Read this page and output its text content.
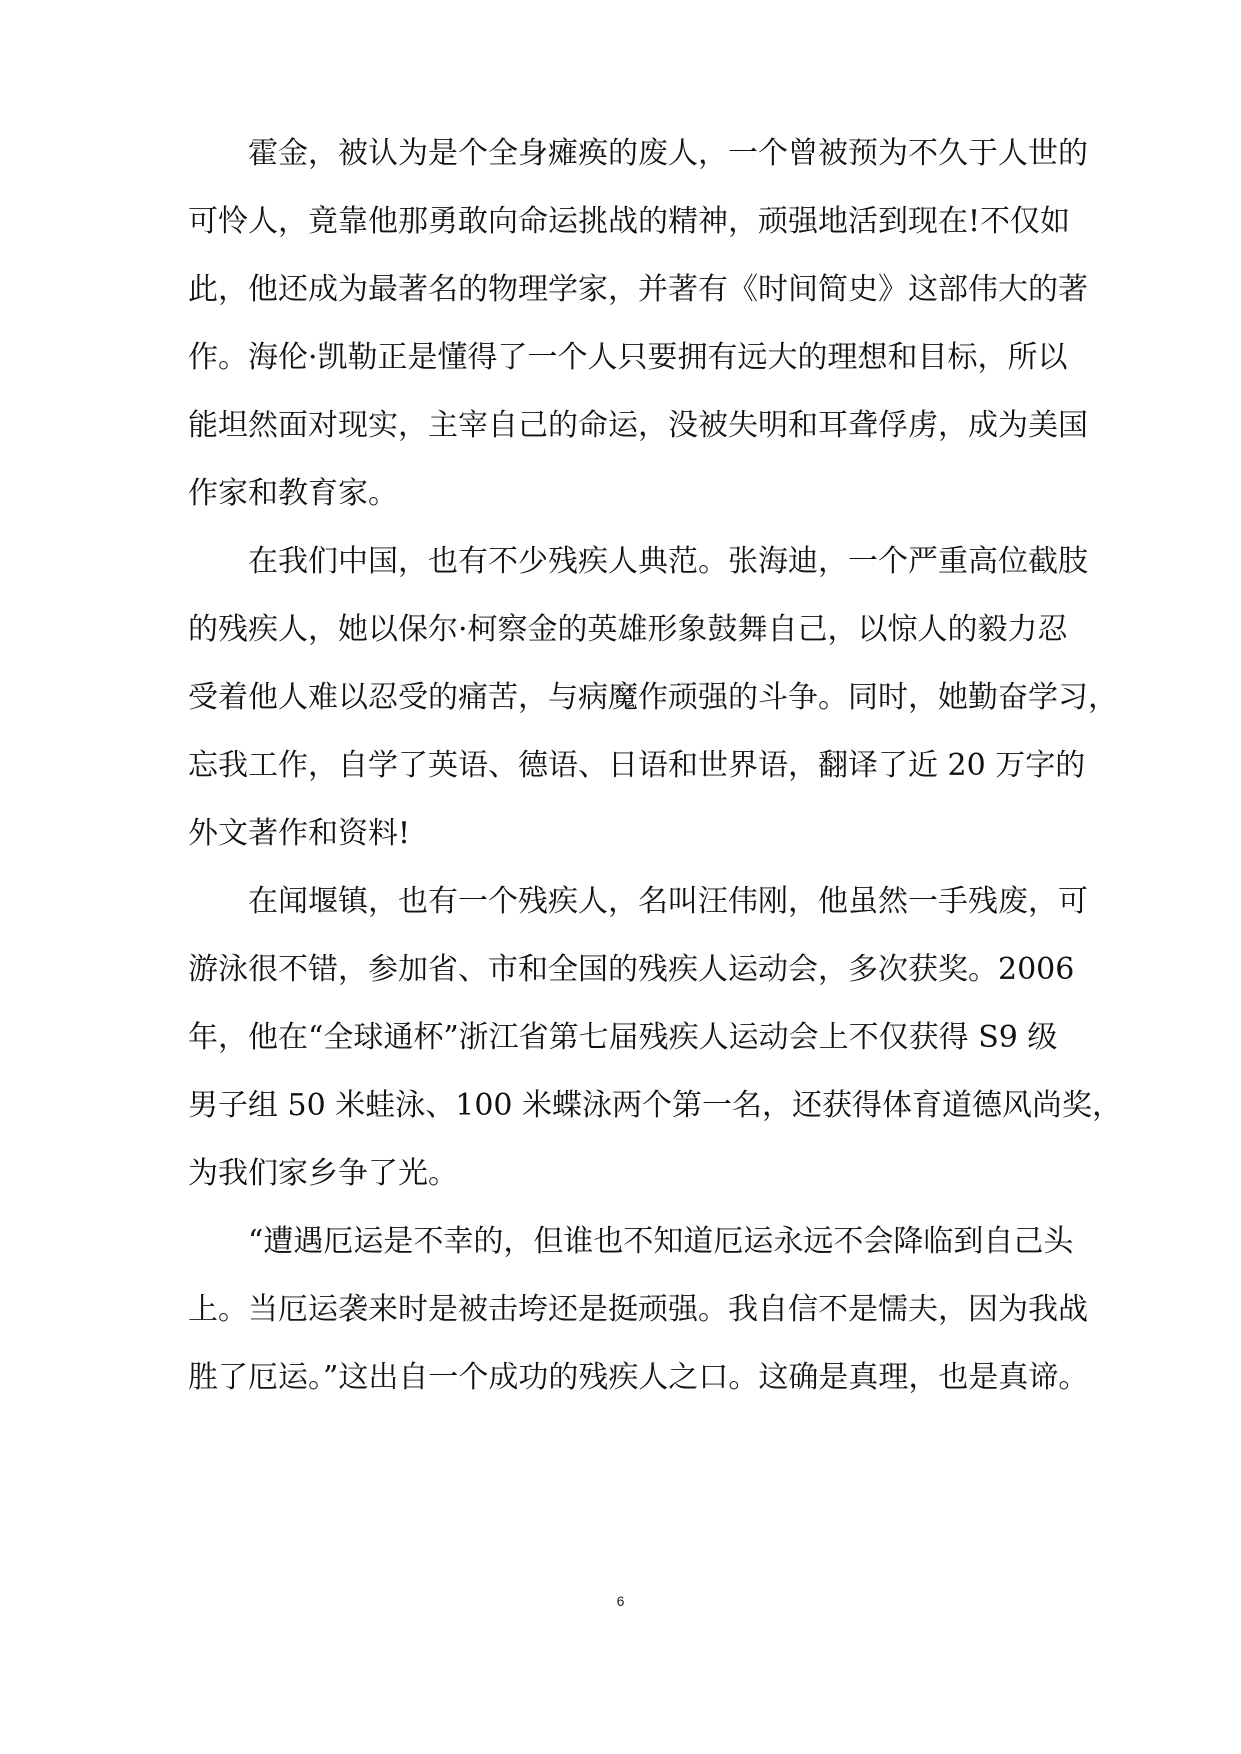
霍金，被认为是个全身瘫痪的废人，一个曾被预为不久于人世的
可怜人，竟靠他那勇敢向命运挑战的精神，顽强地活到现在!不仅如
此，他还成为最著名的物理学家，并著有《时间简史》这部伟大的著
作。海伦·凯勒正是懂得了一个人只要拥有远大的理想和目标，所以
能坦然面对现实，主宰自己的命运，没被失明和耳聋俘虏，成为美国
作家和教育家。
在我们中国，也有不少残疾人典范。张海迪，一个严重高位截肢
的残疾人，她以保尔·柯察金的英雄形象鼓舞自己，以惊人的毅力忍
受着他人难以忍受的痛苦，与病魔作顽强的斗争。同时，她勤奋学习，
忘我工作，自学了英语、德语、日语和世界语，翻译了近 20 万字的
外文著作和资料!
在闻堰镇，也有一个残疾人，名叫汪伟刚，他虽然一手残废，可
游泳很不错，参加省、市和全国的残疾人运动会，多次获奖。2006
年，他在“全球通杯”浙江省第七届残疾人运动会上不仅获得 S9 级
男子组 50 米蛙泳、100 米蝶泳两个第一名，还获得体育道德风尚奖，
为我们家乡争了光。
“遭遇厄运是不幸的，但谁也不知道厄运永远不会降临到自己头
上。当厄运袭来时是被击垮还是挺顽强。我自信不是懦夫，因为我战
胜了厄运。”这出自一个成功的残疾人之口。这确是真理，也是真谛。
6
